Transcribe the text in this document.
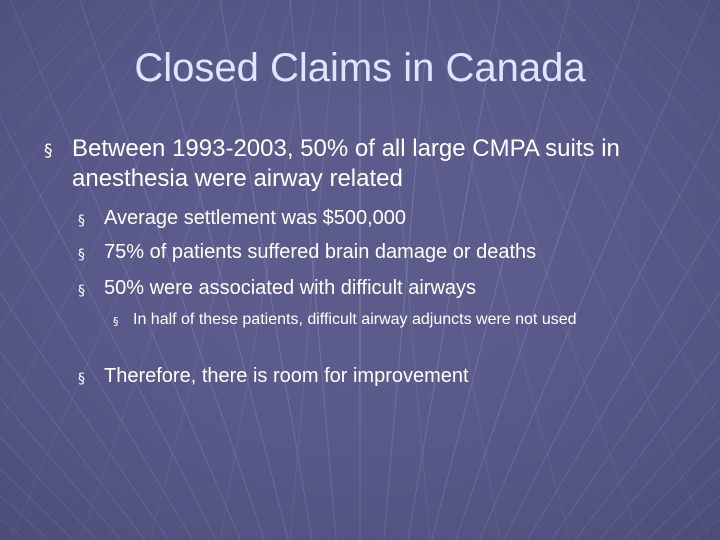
Closed Claims in Canada
§ Between 1993-2003, 50% of all large CMPA suits in anesthesia were airway related
§ Average settlement was $500,000
§ 75% of patients suffered brain damage or deaths
§ 50% were associated with difficult airways
§ In half of these patients, difficult airway adjuncts were not used
§ Therefore, there is room for improvement
